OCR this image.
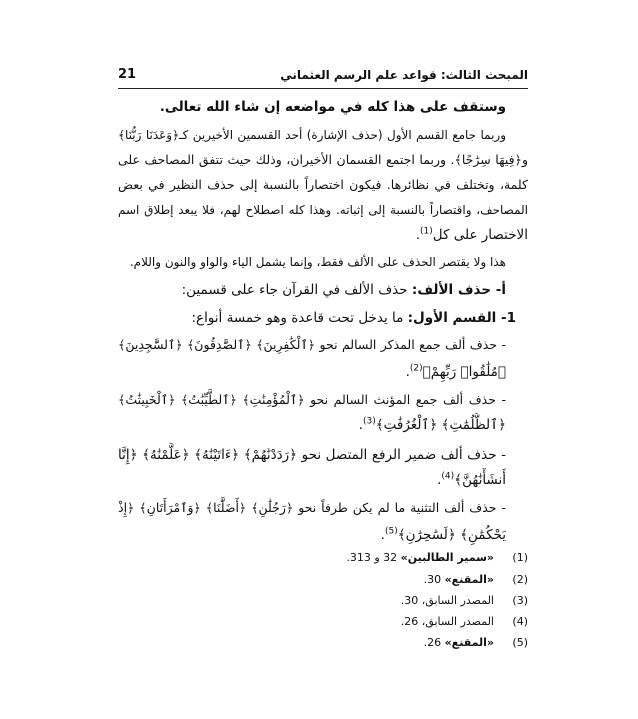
21	المبحث الثالث: قواعد علم الرسم العثماني
وستقف على هذا كله في مواضعه إن شاء الله تعالى.
وربما جامع القسم الأول (حذف الإشارة) أحد القسمين الأخيرين كـ﴿وَعَدَنَا رَبُّنَا﴾
و﴿فِيهَا سِرَٰجًا﴾. وربما اجتمع القسمان الأخيران، وذلك حيث تتفق المصاحف على
كلمة، وتختلف في نظائرها. فيكون اختصاراً بالنسبة إلى حذف النظير في بعض
المصاحف، واقتصاراً بالنسبة إلى إثباته. وهذا كله اصطلاح لهم، فلا يبعد إطلاق اسم
الاختصار على كل$^{(1)}$.
هذا ولا يقتصر الحذف على الألف فقط، وإنما يشمل الياء والواو والنون واللام.
أ- حذف الألف: حذف الألف في القرآن جاء على قسمين:
1- القسم الأول: ما يدخل تحت قاعدة وهو خمسة أنواع:
- حذف ألف جمع المذكر السالم نحو ﴿ٱلْكَٰفِرِينَ﴾ ﴿ٱلصَّٰدِقُونَ﴾ ﴿ٱلسَّٰجِدِينَ﴾
﴿مُلَٰقُوا۟ رَبِّهِمْ﴾$^{(2)}$.
- حذف ألف جمع المؤنث السالم نحو ﴿ٱلْمُؤْمِنَٰتِ﴾ ﴿ٱلطَّيِّبَٰتُ﴾ ﴿ٱلْخَبِيثَٰتُ﴾
﴿ٱلظُّلُمَٰتِ﴾ ﴿ٱلْغُرُفَٰتِ﴾$^{(3)}$.
- حذف ألف ضمير الرفع المتصل نحو ﴿رَدَدْنَٰهُمْ﴾ ﴿ءَاتَيْنَٰهُ﴾ ﴿عَلَّمْنَٰهُ﴾ ﴿إِنَّا
أَنشَأْنَٰهُنَّ﴾$^{(4)}$.
- حذف ألف التثنية ما لم يكن طرفاً نحو ﴿رَجُلَٰنِ﴾ ﴿أَضَلَّٰنَا﴾ ﴿وَٱمْرَأَتَانِ﴾ ﴿إِذْ
يَحْكُمَٰنِ﴾ ﴿لَسَٰحِرَٰنِ﴾$^{(5)}$.
(1)«سمير الطالبين» 32 و 313.
(2)«المقنع» 30.
(3)المصدر السابق، 30.
(4)المصدر السابق، 26.
(5)«المقنع» 26.
